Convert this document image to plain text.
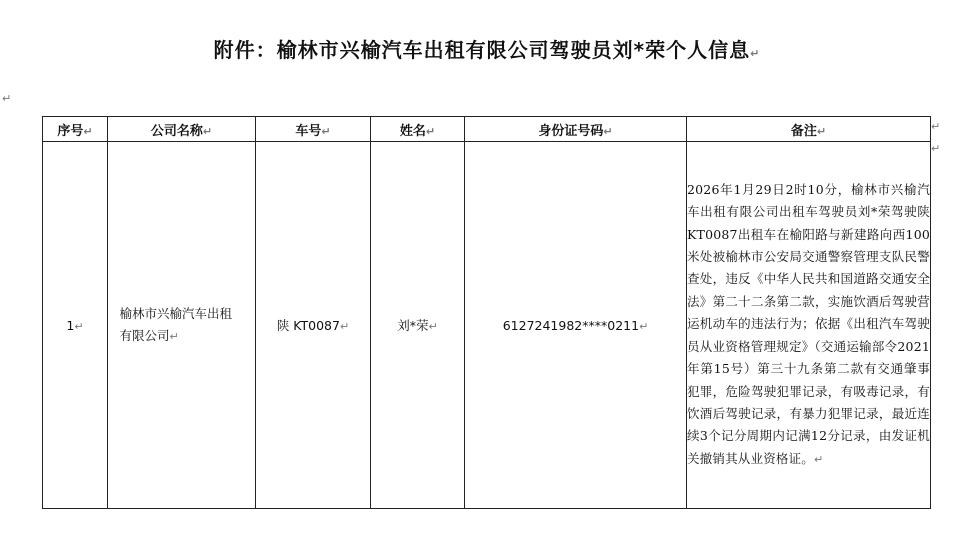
附件：榆林市兴榆汽车出租有限公司驾驶员刘*荣个人信息↵
↵
序号↵	公司名称↵	车号↵	姓名↵	身份证号码↵	备注↵
1↵	榆林市兴榆汽车出租有限公司↵	陕 KT0087↵	刘*荣↵	6127241982****0211↵	2026年1月29日2时10分，榆林市兴榆汽车出租有限公司出租车驾驶员刘*荣驾驶陕KT0087出租车在榆阳路与新建路向西100米处被榆林市公安局交通警察管理支队民警查处，违反《中华人民共和国道路交通安全法》第二十二条第二款，实施饮酒后驾驶营运机动车的违法行为；依据《出租汽车驾驶员从业资格管理规定》（交通运输部令2021年第15号）第三十九条第二款有交通肇事犯罪，危险驾驶犯罪记录，有吸毒记录，有饮酒后驾驶记录，有暴力犯罪记录，最近连续3个记分周期内记满12分记录，由发证机关撤销其从业资格证。↵
↵
↵
